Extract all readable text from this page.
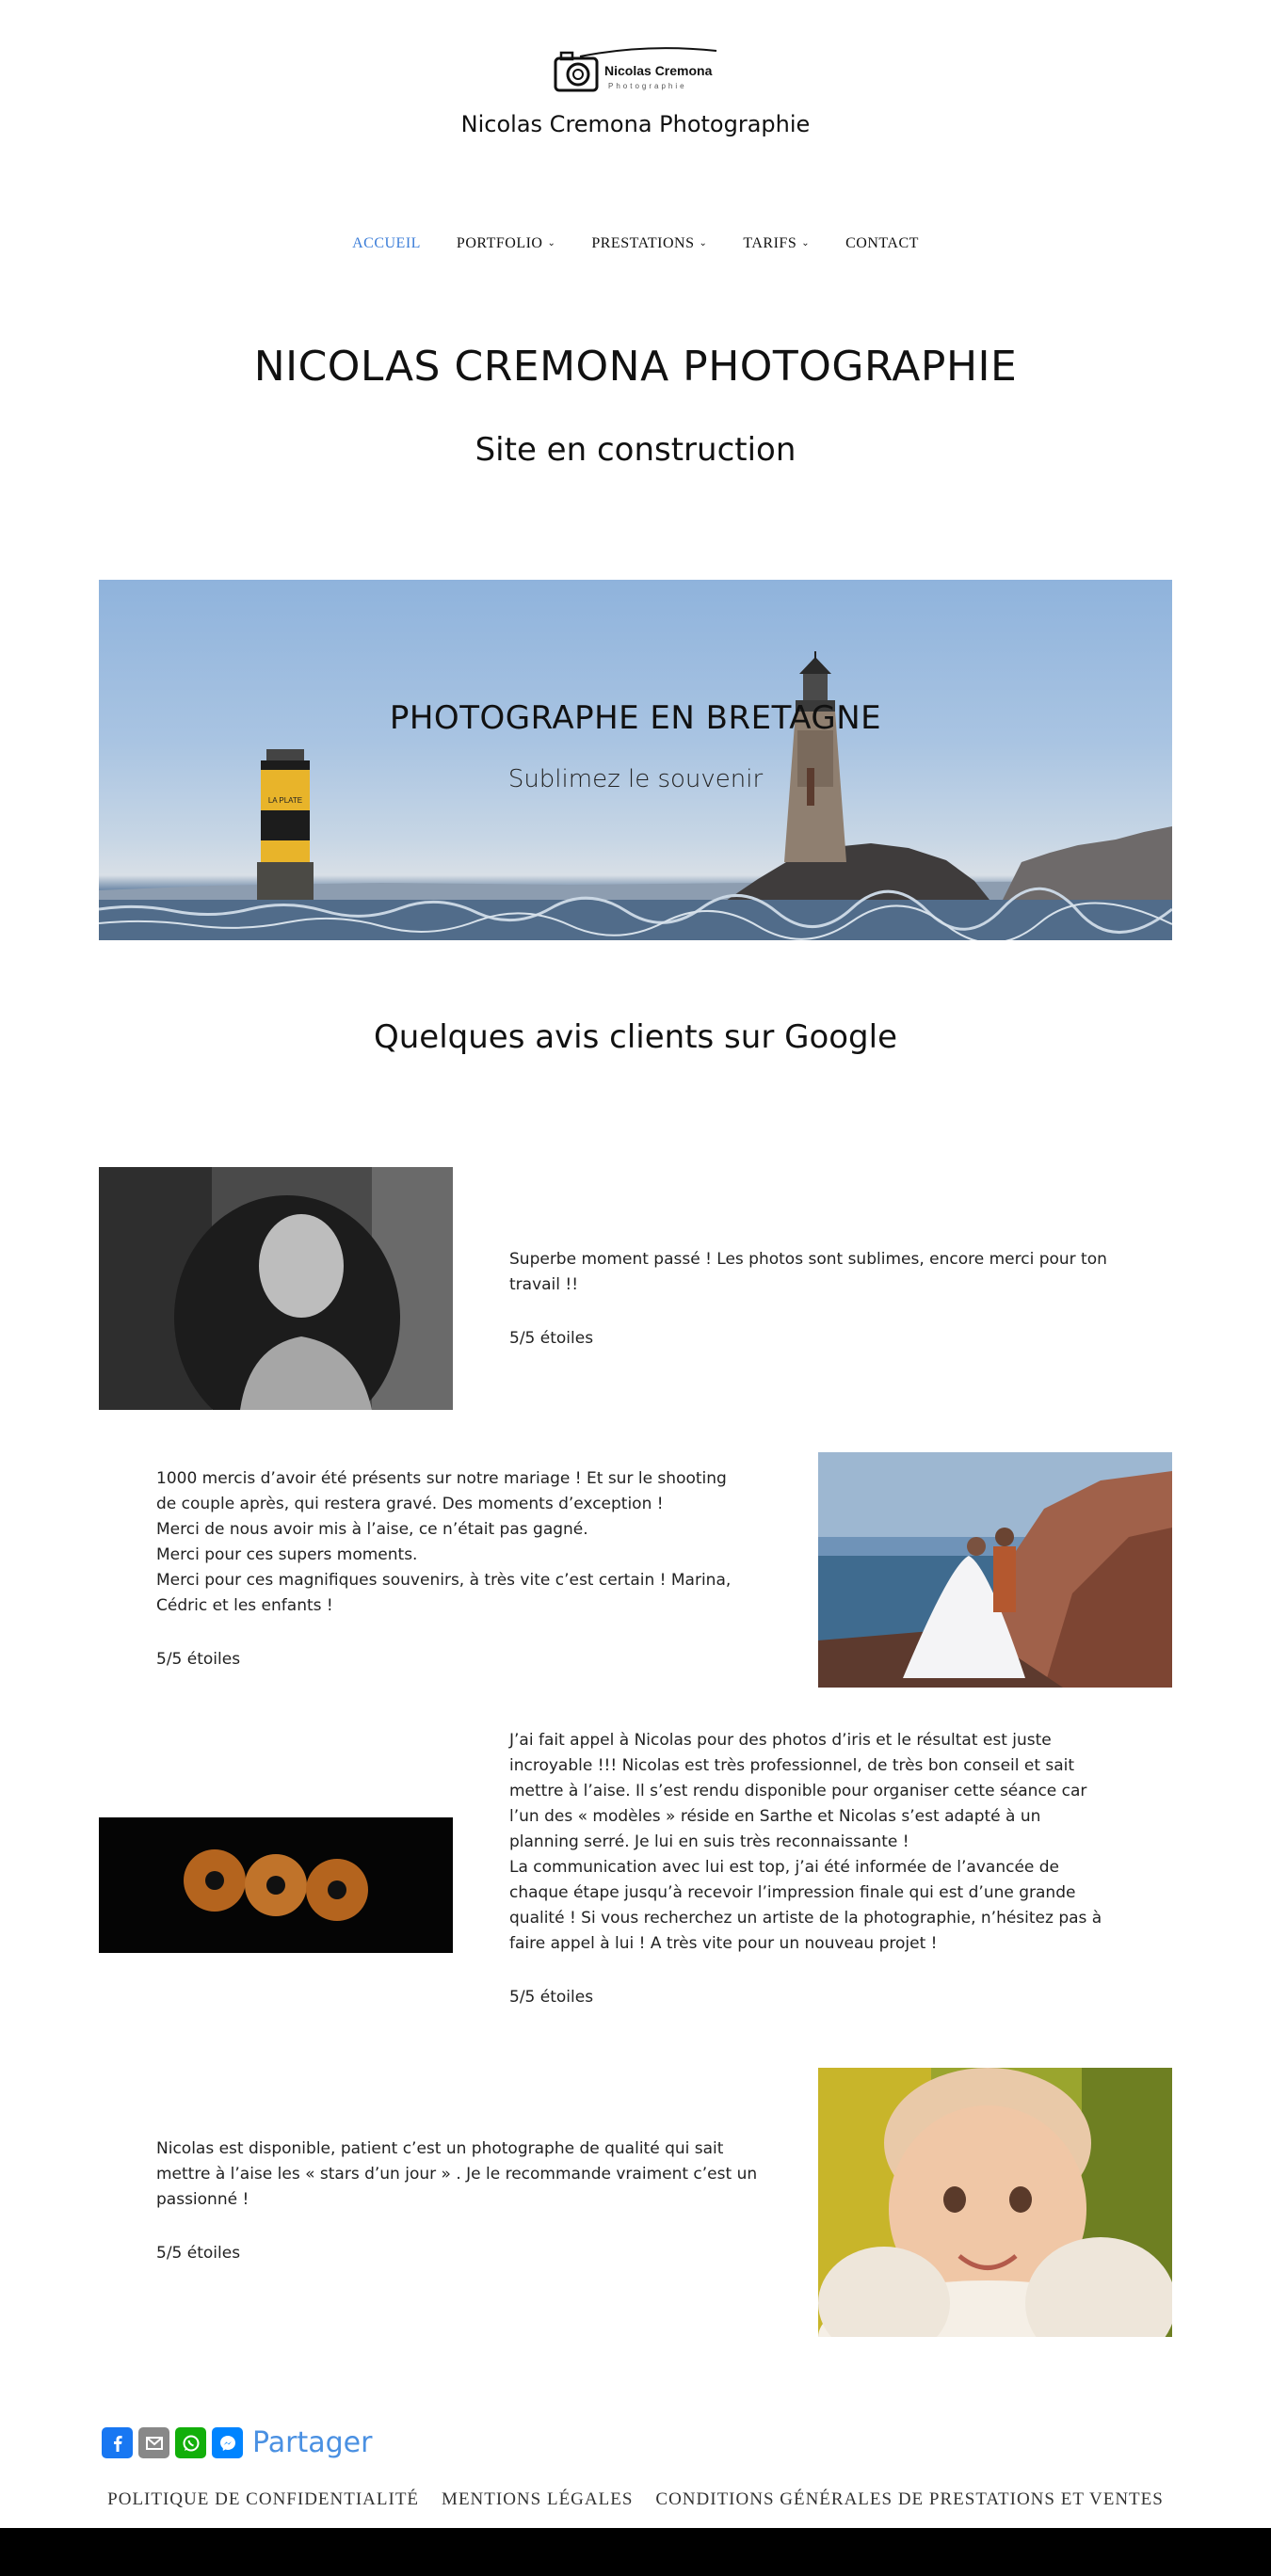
Nicolas Cremona
Photographie
Nicolas Cremona Photographie
ACCUEIL PORTFOLIO ⌄ PRESTATIONS ⌄ TARIFS ⌄ CONTACT
NICOLAS CREMONA PHOTOGRAPHIE
Site en construction
LA PLATE
PHOTOGRAPHE EN BRETAGNE
Sublimez le souvenir
Quelques avis clients sur Google

Superbe moment passé ! Les photos sont sublimes, encore merci pour ton travail !!

5/5 étoiles

1000 mercis d’avoir été présents sur notre mariage ! Et sur le shooting de couple après, qui restera gravé. Des moments d’exception !

Merci de nous avoir mis à l’aise, ce n’était pas gagné.

Merci pour ces supers moments.

Merci pour ces magnifiques souvenirs, à très vite c’est certain ! Marina, Cédric et les enfants !

5/5 étoiles

J’ai fait appel à Nicolas pour des photos d’iris et le résultat est juste incroyable !!! Nicolas est très professionnel, de très bon conseil et sait mettre à l’aise. Il s’est rendu disponible pour organiser cette séance car l’un des « modèles » réside en Sarthe et Nicolas s’est adapté à un planning serré. Je lui en suis très reconnaissante !

La communication avec lui est top, j’ai été informée de l’avancée de chaque étape jusqu’à recevoir l’impression finale qui est d’une grande qualité ! Si vous recherchez un artiste de la photographie, n’hésitez pas à faire appel à lui ! A très vite pour un nouveau projet !

5/5 étoiles

Nicolas est disponible, patient c’est un photographe de qualité qui sait mettre à l’aise les « stars d’un jour » . Je le recommande vraiment c’est un passionné !

5/5 étoiles
Partager
POLITIQUE DE CONFIDENTIALITÉ MENTIONS LÉGALES CONDITIONS GÉNÉRALES DE PRESTATIONS ET VENTES
